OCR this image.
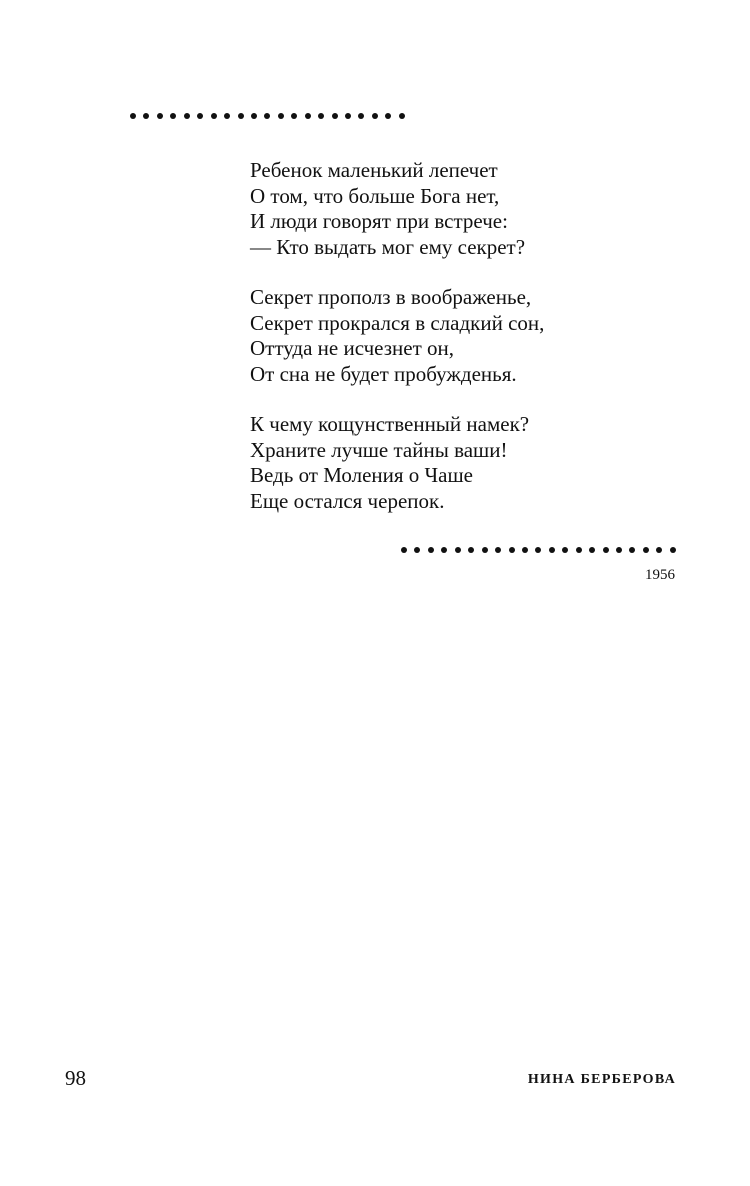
Ребенок маленький лепечет
О том, что больше Бога нет,
И люди говорят при встрече:
— Кто выдать мог ему секрет?
Секрет прополз в воображенье,
Секрет прокрался в сладкий сон,
Оттуда не исчезнет он,
От сна не будет пробужденья.
К чему кощунственный намек?
Храните лучше тайны ваши!
Ведь от Моления о Чаше
Еще остался черепок.
1956
98	НИНА БЕРБЕРОВА
